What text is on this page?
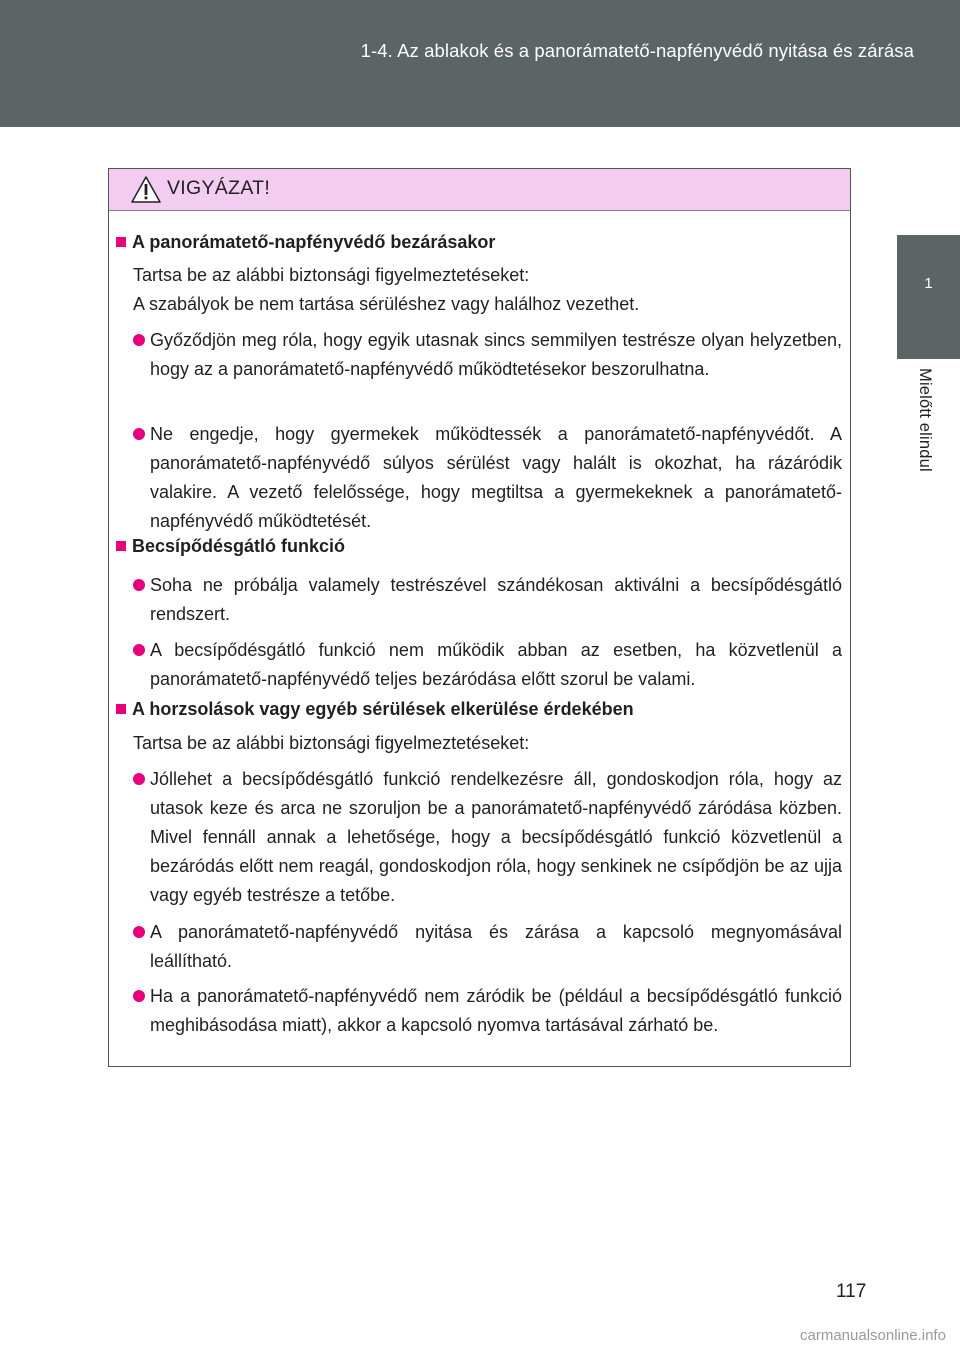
1-4. Az ablakok és a panorámatető-napfényvédő nyitása és zárása
1
Mielőtt elindul
VIGYÁZAT!
A panorámatető-napfényvédő bezárásakor
Tartsa be az alábbi biztonsági figyelmeztetéseket:
A szabályok be nem tartása sérüléshez vagy halálhoz vezethet.
Győződjön meg róla, hogy egyik utasnak sincs semmilyen testrésze olyan helyzetben, hogy az a panorámatető-napfényvédő működtetésekor beszorulhatna.
Ne engedje, hogy gyermekek működtessék a panorámatető-napfényvédőt. A panorámatető-napfényvédő súlyos sérülést vagy halált is okozhat, ha rázáródik valakire. A vezető felelőssége, hogy megtiltsa a gyermekeknek a panorámatető-napfényvédő működtetését.
Becsípődésgátló funkció
Soha ne próbálja valamely testrészével szándékosan aktiválni a becsípődésgátló rendszert.
A becsípődésgátló funkció nem működik abban az esetben, ha közvetlenül a panorámatető-napfényvédő teljes bezáródása előtt szorul be valami.
A horzsolások vagy egyéb sérülések elkerülése érdekében
Tartsa be az alábbi biztonsági figyelmeztetéseket:
Jóllehet a becsípődésgátló funkció rendelkezésre áll, gondoskodjon róla, hogy az utasok keze és arca ne szoruljon be a panorámatető-napfényvédő záródása közben. Mivel fennáll annak a lehetősége, hogy a becsípődésgátló funkció közvetlenül a bezáródás előtt nem reagál, gondoskodjon róla, hogy senkinek ne csípődjön be az ujja vagy egyéb testrésze a tetőbe.
A panorámatető-napfényvédő nyitása és zárása a kapcsoló megnyomásával leállítható.
Ha a panorámatető-napfényvédő nem záródik be (például a becsípődésgátló funkció meghibásodása miatt), akkor a kapcsoló nyomva tartásával zárható be.
117
carmanualsonline.info
